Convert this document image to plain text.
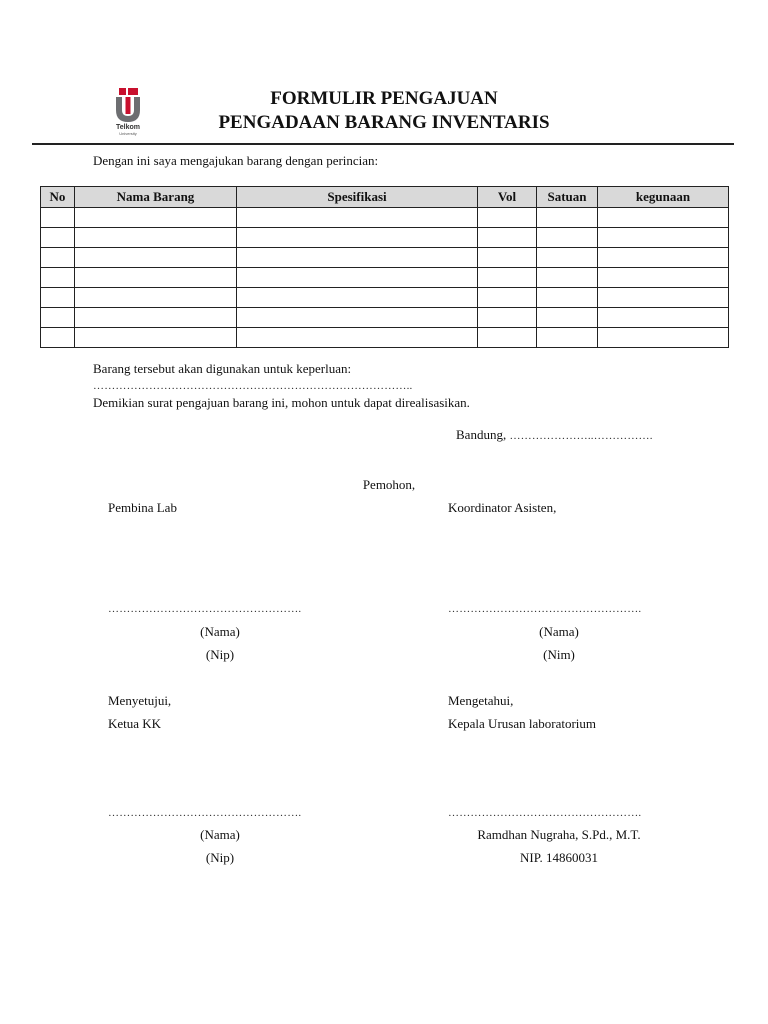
Telkom
University
FORMULIR PENGAJUAN
PENGADAAN BARANG INVENTARIS
Dengan ini saya mengajukan barang dengan perincian:
No	Nama Barang	Spesifikasi	Vol	Satuan	kegunaan

Barang tersebut akan digunakan untuk keperluan:
…………………………………………………………………………..
Demikian surat pengajuan barang ini, mohon untuk dapat direalisasikan.
Bandung, …………………..…………….
Pemohon,
Pembina Lab
…………………………………………….
(Nama)
(Nip)
Koordinator Asisten,
…………………………………………….
(Nama)
(Nim)
Menyetujui,
Ketua KK
…………………………………………….
(Nama)
(Nip)
Mengetahui,
Kepala Urusan laboratorium
…………………………………………….
Ramdhan Nugraha, S.Pd., M.T.
NIP. 14860031
